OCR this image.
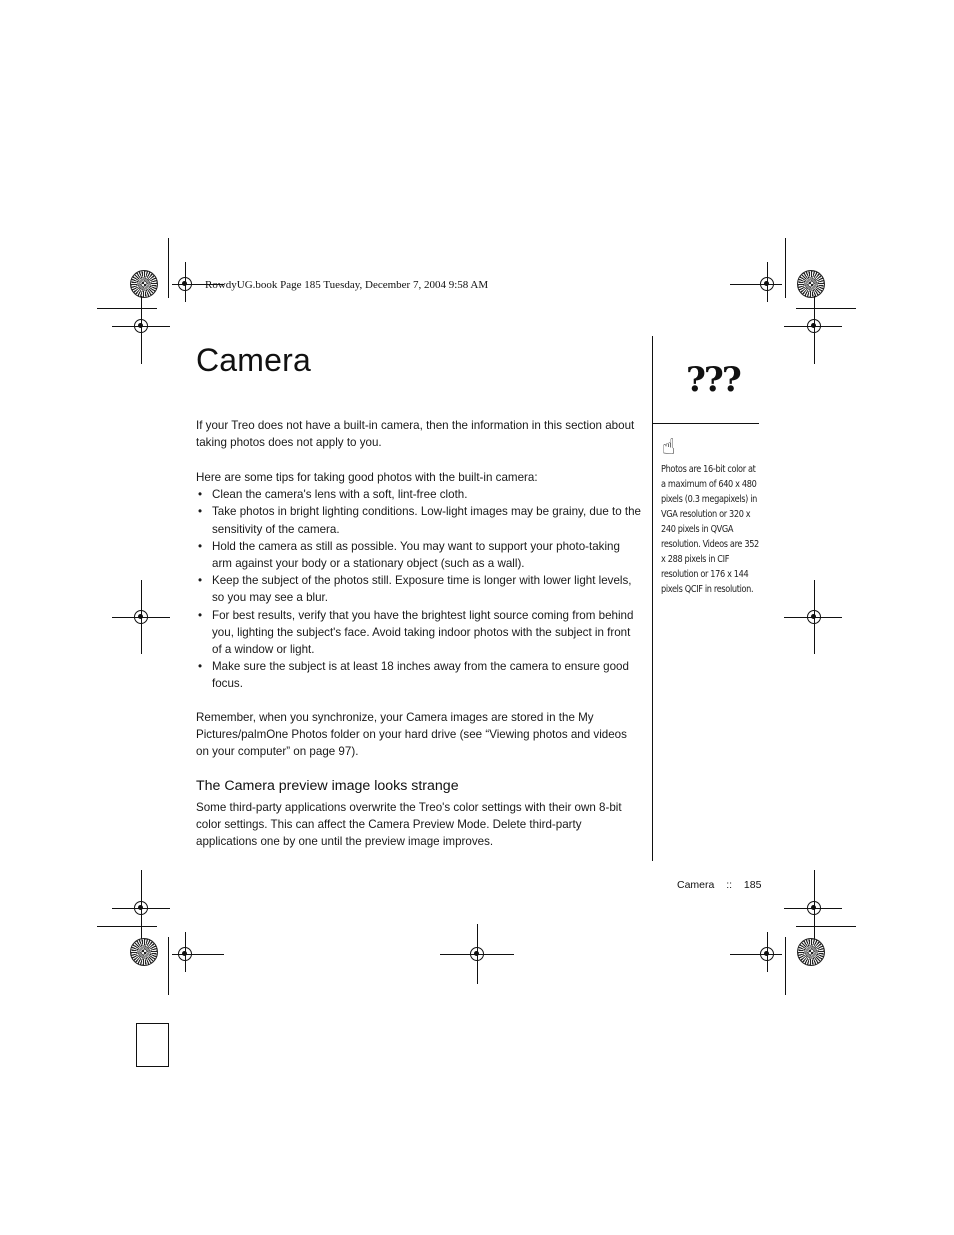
RowdyUG.book Page 185 Tuesday, December 7, 2004 9:58 AM
Camera

If your Treo does not have a built-in camera, then the information in this section about taking photos does not apply to you.

Here are some tips for taking good photos with the built-in camera:

• Clean the camera's lens with a soft, lint-free cloth.
• Take photos in bright lighting conditions. Low-light images may be grainy, due to the sensitivity of the camera.
• Hold the camera as still as possible. You may want to support your photo-taking arm against your body or a stationary object (such as a wall).
• Keep the subject of the photos still. Exposure time is longer with lower light levels, so you may see a blur.
• For best results, verify that you have the brightest light source coming from behind you, lighting the subject's face. Avoid taking indoor photos with the subject in front of a window or light.
• Make sure the subject is at least 18 inches away from the camera to ensure good focus.

Remember, when you synchronize, your Camera images are stored in the My Pictures/palmOne Photos folder on your hard drive (see “Viewing photos and videos on your computer” on page 97).

The Camera preview image looks strange

Some third-party applications overwrite the Treo's color settings with their own 8-bit color settings. This can affect the Camera Preview Mode. Delete third-party applications one by one until the preview image improves.

???
☝
Photos are 16-bit color at a maximum of 640 x 480 pixels (0.3 megapixels) in VGA resolution or 320 x 240 pixels in QVGA resolution. Videos are 352 x 288 pixels in CIF resolution or 176 x 144 pixels QCIF in resolution.
Camera :: 185
